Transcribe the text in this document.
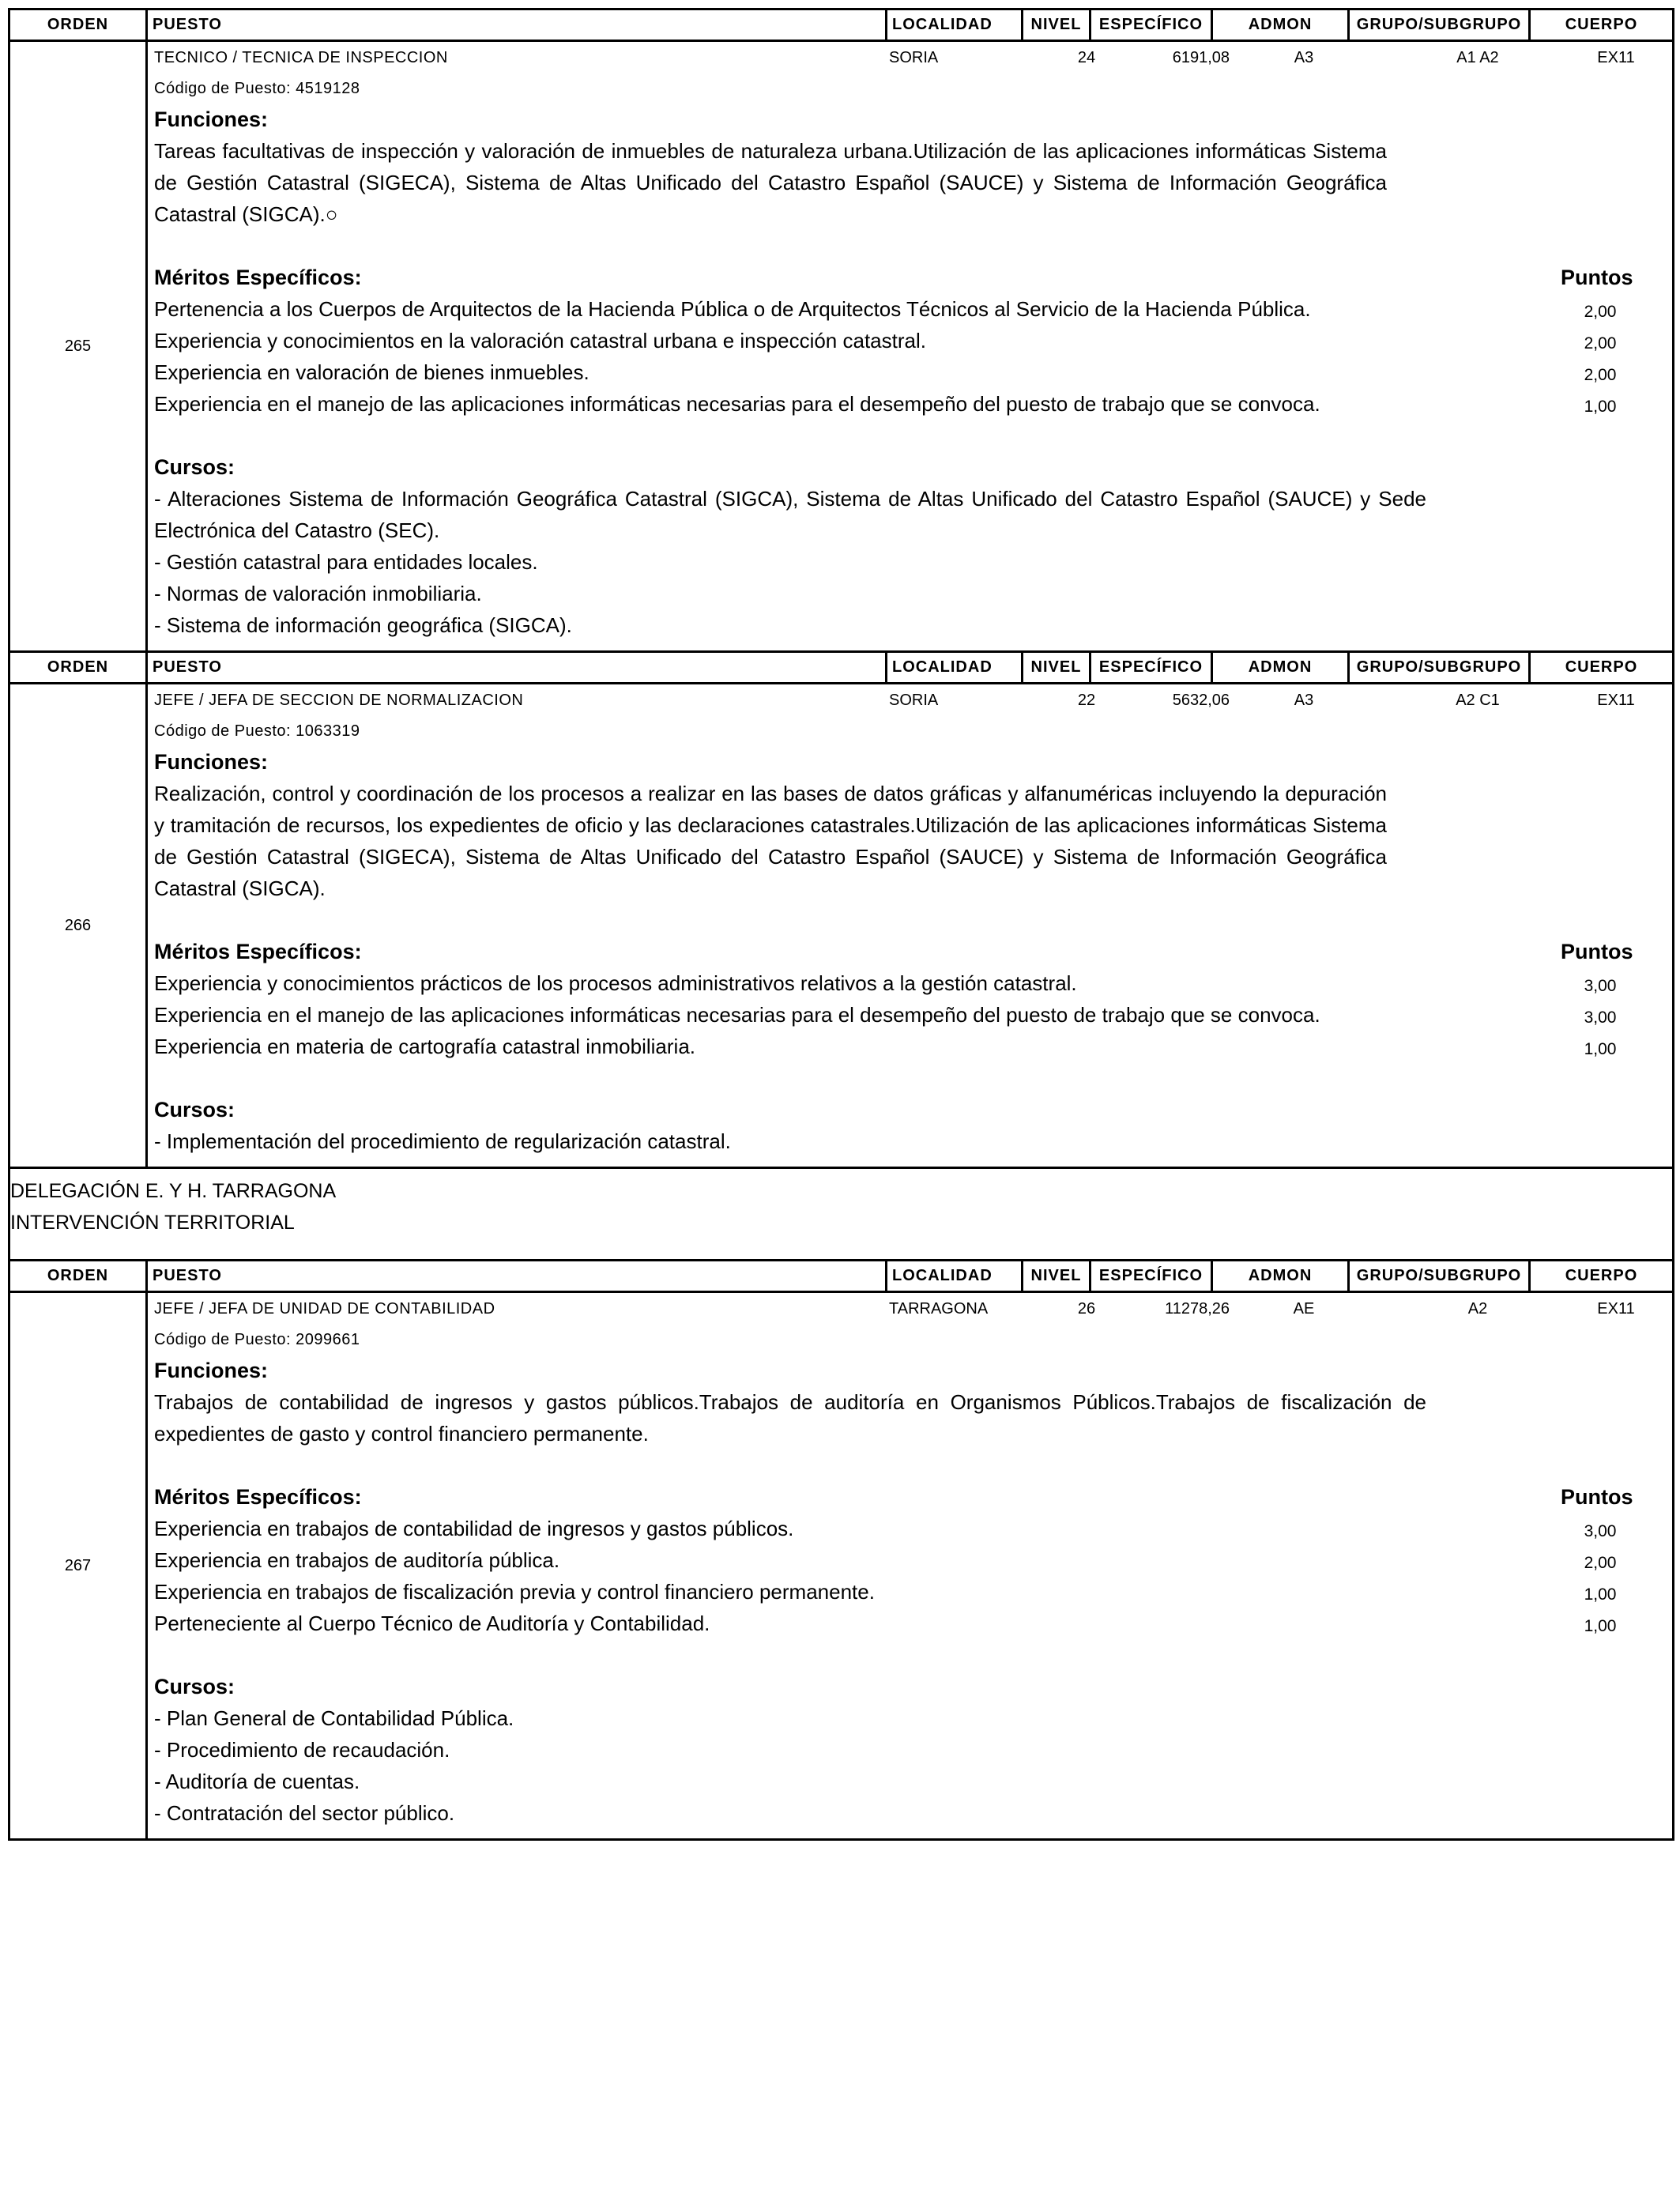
ORDEN	PUESTO	LOCALIDAD	NIVEL	ESPECÍFICO	ADMON	GRUPO/SUBGRUPO	CUERPO
265
TECNICO / TECNICA DE INSPECCION	SORIA	24	6191,08	A3	A1 A2	EX11
Código de Puesto: 4519128
Funciones:
Tareas facultativas de inspección y valoración de inmuebles de naturaleza urbana.Utilización de las aplicaciones informáticas Sistema de Gestión Catastral (SIGECA), Sistema de Altas Unificado del Catastro Español (SAUCE) y Sistema de Información Geográfica Catastral (SIGCA).○
Méritos Específicos:	Puntos
Pertenencia a los Cuerpos de Arquitectos de la Hacienda Pública o de Arquitectos Técnicos al Servicio de la Hacienda Pública.	2,00
Experiencia y conocimientos en la valoración catastral urbana e inspección catastral.	2,00
Experiencia en valoración de bienes inmuebles.	2,00
Experiencia en el manejo de las aplicaciones informáticas necesarias para el desempeño del puesto de trabajo que se convoca.	1,00
Cursos:
- Alteraciones Sistema de Información Geográfica Catastral (SIGCA), Sistema de Altas Unificado del Catastro Español (SAUCE) y Sede Electrónica del Catastro (SEC).
- Gestión catastral para entidades locales.
- Normas de valoración inmobiliaria.
- Sistema de información geográfica (SIGCA).
ORDEN	PUESTO	LOCALIDAD	NIVEL	ESPECÍFICO	ADMON	GRUPO/SUBGRUPO	CUERPO
266
JEFE / JEFA DE SECCION DE NORMALIZACION	SORIA	22	5632,06	A3	A2 C1	EX11
Código de Puesto: 1063319
Funciones:
Realización, control y coordinación de los procesos a realizar en las bases de datos gráficas y alfanuméricas incluyendo la depuración y tramitación de recursos, los expedientes de oficio y las declaraciones catastrales.Utilización de las aplicaciones informáticas Sistema de Gestión Catastral (SIGECA), Sistema de Altas Unificado del Catastro Español (SAUCE) y Sistema de Información Geográfica Catastral (SIGCA).
Méritos Específicos:	Puntos
Experiencia y conocimientos prácticos de los procesos administrativos relativos a la gestión catastral.	3,00
Experiencia en el manejo de las aplicaciones informáticas necesarias para el desempeño del puesto de trabajo que se convoca.	3,00
Experiencia en materia de cartografía catastral inmobiliaria.	1,00
Cursos:
- Implementación del procedimiento de regularización catastral.
DELEGACIÓN E. Y H. TARRAGONA
INTERVENCIÓN TERRITORIAL
ORDEN	PUESTO	LOCALIDAD	NIVEL	ESPECÍFICO	ADMON	GRUPO/SUBGRUPO	CUERPO
267
JEFE / JEFA DE UNIDAD DE CONTABILIDAD	TARRAGONA	26	11278,26	AE	A2	EX11
Código de Puesto: 2099661
Funciones:
Trabajos de contabilidad de ingresos y gastos públicos.Trabajos de auditoría en Organismos Públicos.Trabajos de fiscalización de expedientes de gasto y control financiero permanente.
Méritos Específicos:	Puntos
Experiencia en trabajos de contabilidad de ingresos y gastos públicos.	3,00
Experiencia en trabajos de auditoría pública.	2,00
Experiencia en trabajos de fiscalización previa y control financiero permanente.	1,00
Perteneciente al Cuerpo Técnico de Auditoría y Contabilidad.	1,00
Cursos:
- Plan General de Contabilidad Pública.
- Procedimiento de recaudación.
- Auditoría de cuentas.
- Contratación del sector público.
